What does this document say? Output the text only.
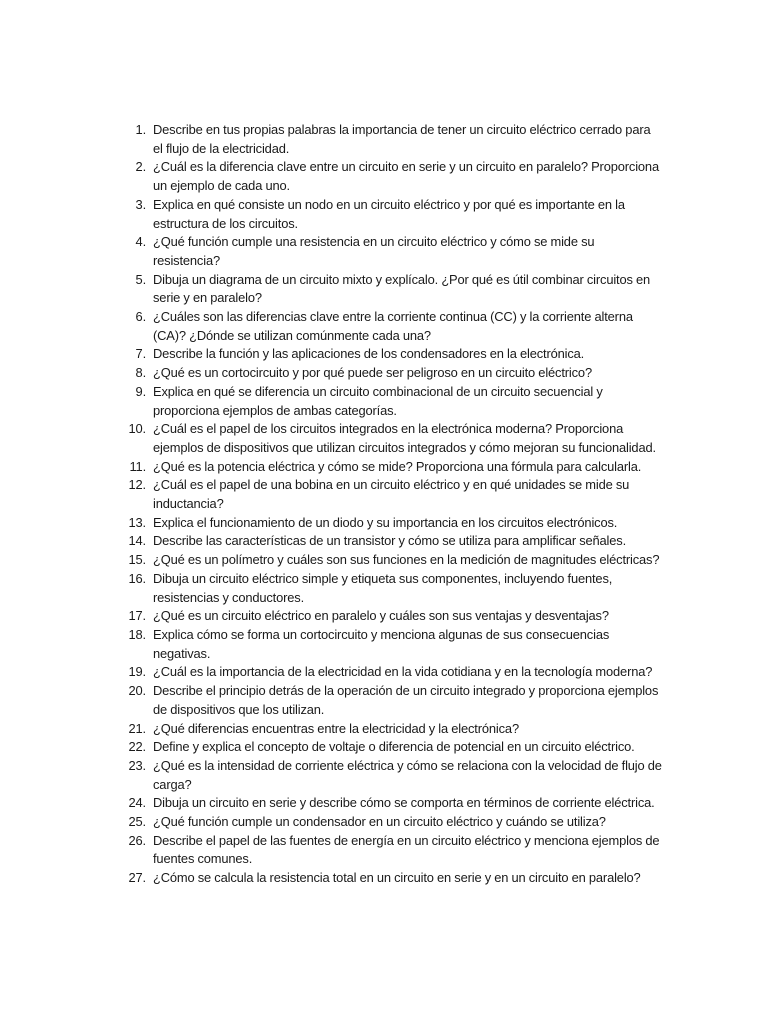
1. Describe en tus propias palabras la importancia de tener un circuito eléctrico cerrado para el flujo de la electricidad.
2. ¿Cuál es la diferencia clave entre un circuito en serie y un circuito en paralelo? Proporciona un ejemplo de cada uno.
3. Explica en qué consiste un nodo en un circuito eléctrico y por qué es importante en la estructura de los circuitos.
4. ¿Qué función cumple una resistencia en un circuito eléctrico y cómo se mide su resistencia?
5. Dibuja un diagrama de un circuito mixto y explícalo. ¿Por qué es útil combinar circuitos en serie y en paralelo?
6. ¿Cuáles son las diferencias clave entre la corriente continua (CC) y la corriente alterna (CA)? ¿Dónde se utilizan comúnmente cada una?
7. Describe la función y las aplicaciones de los condensadores en la electrónica.
8. ¿Qué es un cortocircuito y por qué puede ser peligroso en un circuito eléctrico?
9. Explica en qué se diferencia un circuito combinacional de un circuito secuencial y proporciona ejemplos de ambas categorías.
10. ¿Cuál es el papel de los circuitos integrados en la electrónica moderna? Proporciona ejemplos de dispositivos que utilizan circuitos integrados y cómo mejoran su funcionalidad.
11. ¿Qué es la potencia eléctrica y cómo se mide? Proporciona una fórmula para calcularla.
12. ¿Cuál es el papel de una bobina en un circuito eléctrico y en qué unidades se mide su inductancia?
13. Explica el funcionamiento de un diodo y su importancia en los circuitos electrónicos.
14. Describe las características de un transistor y cómo se utiliza para amplificar señales.
15. ¿Qué es un polímetro y cuáles son sus funciones en la medición de magnitudes eléctricas?
16. Dibuja un circuito eléctrico simple y etiqueta sus componentes, incluyendo fuentes, resistencias y conductores.
17. ¿Qué es un circuito eléctrico en paralelo y cuáles son sus ventajas y desventajas?
18. Explica cómo se forma un cortocircuito y menciona algunas de sus consecuencias negativas.
19. ¿Cuál es la importancia de la electricidad en la vida cotidiana y en la tecnología moderna?
20. Describe el principio detrás de la operación de un circuito integrado y proporciona ejemplos de dispositivos que los utilizan.
21. ¿Qué diferencias encuentras entre la electricidad y la electrónica?
22. Define y explica el concepto de voltaje o diferencia de potencial en un circuito eléctrico.
23. ¿Qué es la intensidad de corriente eléctrica y cómo se relaciona con la velocidad de flujo de carga?
24. Dibuja un circuito en serie y describe cómo se comporta en términos de corriente eléctrica.
25. ¿Qué función cumple un condensador en un circuito eléctrico y cuándo se utiliza?
26. Describe el papel de las fuentes de energía en un circuito eléctrico y menciona ejemplos de fuentes comunes.
27. ¿Cómo se calcula la resistencia total en un circuito en serie y en un circuito en paralelo?
